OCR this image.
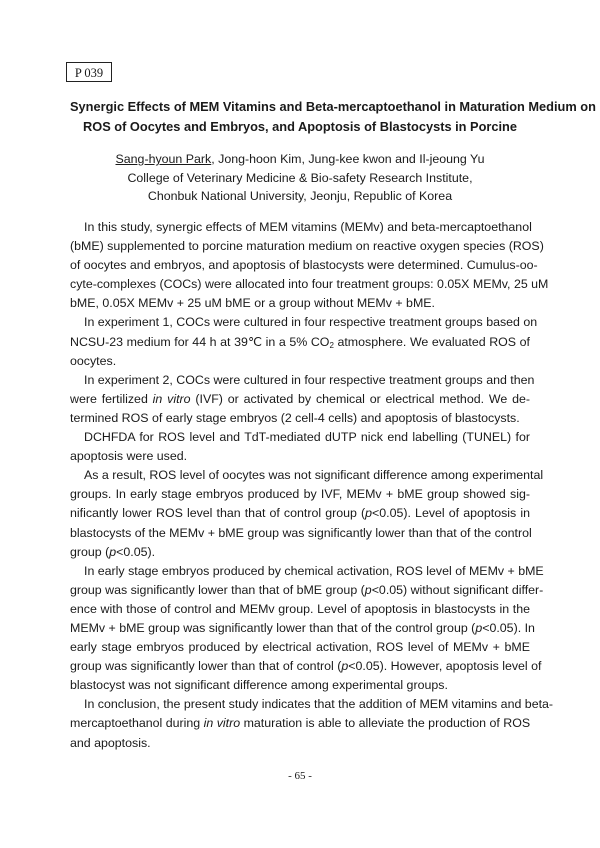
P 039
Synergic Effects of MEM Vitamins and Beta-mercaptoethanol in Maturation Medium on
ROS of Oocytes and Embryos, and Apoptosis of Blastocysts in Porcine
Sang-hyoun Park, Jong-hoon Kim, Jung-kee kwon and Il-jeoung Yu
College of Veterinary Medicine & Bio-safety Research Institute,
Chonbuk National University, Jeonju, Republic of Korea
In this study, synergic effects of MEM vitamins (MEMv) and beta-mercaptoethanol
(bME) supplemented to porcine maturation medium on reactive oxygen species (ROS)
of oocytes and embryos, and apoptosis of blastocysts were determined. Cumulus-oo-
cyte-complexes (COCs) were allocated into four treatment groups: 0.05X MEMv, 25 uM
bME, 0.05X MEMv + 25 uM bME or a group without MEMv + bME.
In experiment 1, COCs were cultured in four respective treatment groups based on
NCSU-23 medium for 44 h at 39℃ in a 5% $CO_2$ atmosphere. We evaluated ROS of
oocytes.
In experiment 2, COCs were cultured in four respective treatment groups and then
were fertilized in vitro (IVF) or activated by chemical or electrical method. We de-
termined ROS of early stage embryos (2 cell-4 cells) and apoptosis of blastocysts.
DCHFDA for ROS level and TdT-mediated dUTP nick end labelling (TUNEL) for
apoptosis were used.
As a result, ROS level of oocytes was not significant difference among experimental
groups. In early stage embryos produced by IVF, MEMv + bME group showed sig-
nificantly lower ROS level than that of control group (p<0.05). Level of apoptosis in
blastocysts of the MEMv + bME group was significantly lower than that of the control
group (p<0.05).
In early stage embryos produced by chemical activation, ROS level of MEMv + bME
group was significantly lower than that of bME group (p<0.05) without significant differ-
ence with those of control and MEMv group. Level of apoptosis in blastocysts in the
MEMv + bME group was significantly lower than that of the control group (p<0.05). In
early stage embryos produced by electrical activation, ROS level of MEMv + bME
group was significantly lower than that of control (p<0.05). However, apoptosis level of
blastocyst was not significant difference among experimental groups.
In conclusion, the present study indicates that the addition of MEM vitamins and beta-
mercaptoethanol during in vitro maturation is able to alleviate the production of ROS
and apoptosis.
- 65 -
